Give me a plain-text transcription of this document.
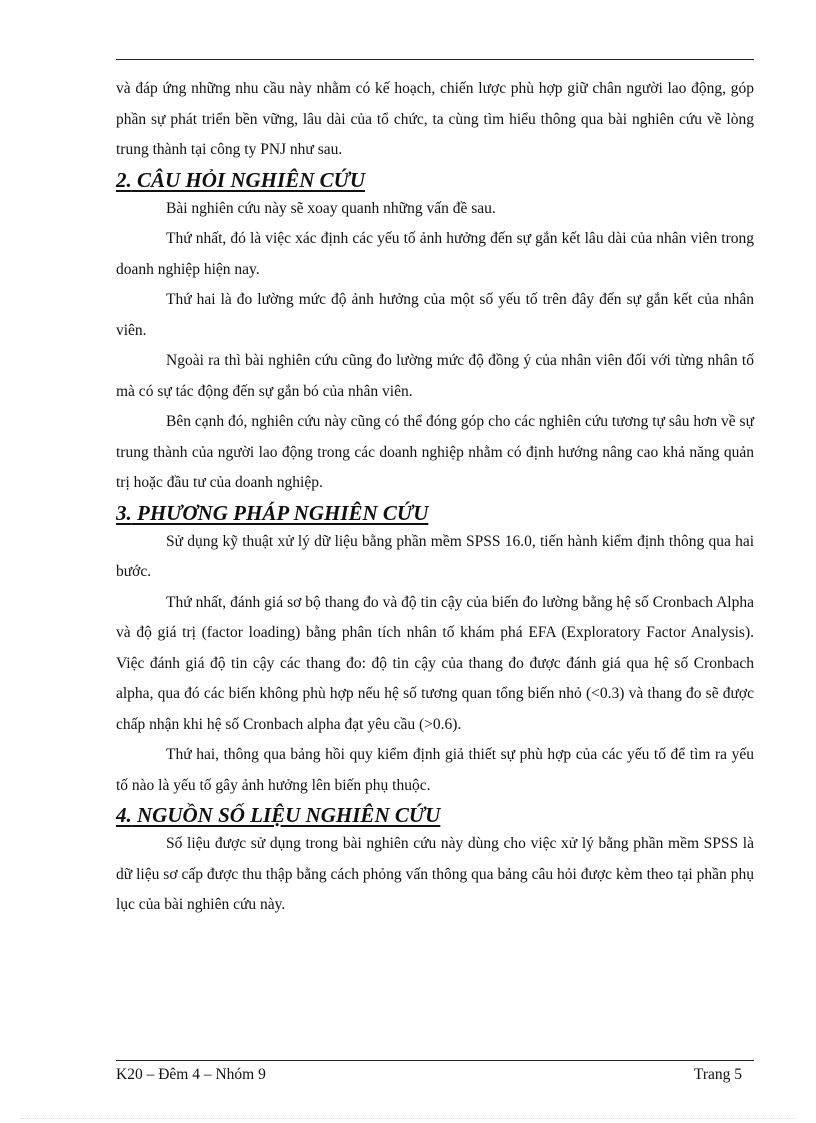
và đáp ứng những nhu cầu này nhằm có kế hoạch, chiến lược phù hợp giữ chân người lao động, góp phần sự phát triển bền vững, lâu dài của tổ chức, ta cùng tìm hiểu thông qua bài nghiên cứu về lòng trung thành tại công ty PNJ như sau.

2. CÂU HỎI NGHIÊN CỨU

Bài nghiên cứu này sẽ xoay quanh những vấn đề sau.

Thứ nhất, đó là việc xác định các yếu tố ảnh hưởng đến sự gắn kết lâu dài của nhân viên trong doanh nghiệp hiện nay.

Thứ hai là đo lường mức độ ảnh hưởng của một số yếu tố trên đây đến sự gắn kết của nhân viên.

Ngoài ra thì bài nghiên cứu cũng đo lường mức độ đồng ý của nhân viên đối với từng nhân tố mà có sự tác động đến sự gắn bó của nhân viên.

Bên cạnh đó, nghiên cứu này cũng có thể đóng góp cho các nghiên cứu tương tự sâu hơn về sự trung thành của người lao động trong các doanh nghiệp nhằm có định hướng nâng cao khả năng quản trị hoặc đầu tư của doanh nghiệp.

3. PHƯƠNG PHÁP NGHIÊN CỨU

Sử dụng kỹ thuật xử lý dữ liệu bằng phần mềm SPSS 16.0, tiến hành kiểm định thông qua hai bước.

Thứ nhất, đánh giá sơ bộ thang đo và độ tin cậy của biến đo lường bằng hệ số Cronbach Alpha và độ giá trị (factor loading) bằng phân tích nhân tố khám phá EFA (Exploratory Factor Analysis). Việc đánh giá độ tin cậy các thang đo: độ tin cậy của thang đo được đánh giá qua hệ số Cronbach alpha, qua đó các biến không phù hợp nếu hệ số tương quan tổng biến nhỏ (<0.3) và thang đo sẽ được chấp nhận khi hệ số Cronbach alpha đạt yêu cầu (>0.6).

Thứ hai, thông qua bảng hồi quy kiểm định giả thiết sự phù hợp của các yếu tố để tìm ra yếu tố nào là yếu tố gây ảnh hưởng lên biến phụ thuộc.

4. NGUỒN SỐ LIỆU NGHIÊN CỨU

Số liệu được sử dụng trong bài nghiên cứu này dùng cho việc xử lý bằng phần mềm SPSS là dữ liệu sơ cấp được thu thập bằng cách phỏng vấn thông qua bảng câu hỏi được kèm theo tại phần phụ lục của bài nghiên cứu này.

K20 – Đêm 4 – Nhóm 9	Trang 5
